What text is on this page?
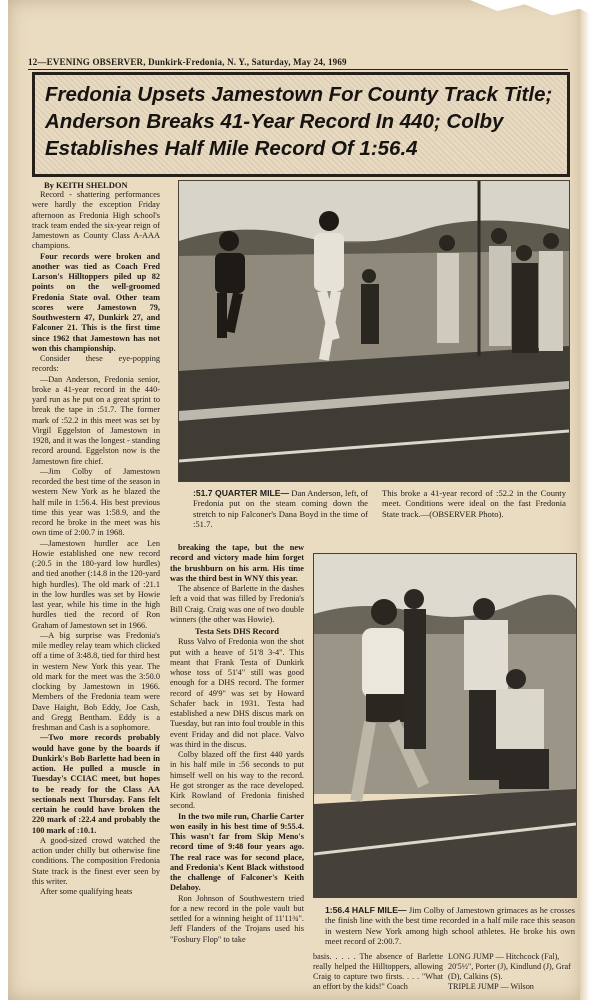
12—EVENING OBSERVER, Dunkirk-Fredonia, N. Y., Saturday, May 24, 1969
Fredonia Upsets Jamestown For County Track Title; Anderson Breaks 41-Year Record In 440; Colby Establishes Half Mile Record Of 1:56.4
By KEITH SHELDON

Record - shattering performances were hardly the exception Friday afternoon as Fredonia High school's track team ended the six-year reign of Jamestown as County Class A-AAA champions.

Four records were broken and another was tied as Coach Fred Larson's Hilltoppers piled up 82 points on the well-groomed Fredonia State oval. Other team scores were Jamestown 79, Southwestern 47, Dunkirk 27, and Falconer 21. This is the first time since 1962 that Jamestown has not won this championship.

Consider these eye-popping records:

—Dan Anderson, Fredonia senior, broke a 41-year record in the 440-yard run as he put on a great sprint to break the tape in :51.7. The former mark of :52.2 in this meet was set by Virgil Eggelston of Jamestown in 1928, and it was the longest - standing record around. Eggelston now is the Jamestown fire chief.

—Jim Colby of Jamestown recorded the best time of the season in western New York as he blazed the half mile in 1:56.4. His best previous time this year was 1:58.9, and the record he broke in the meet was his own time of 2:00.7 in 1968.

—Jamestown hurdler ace Len Howie established one new record (:20.5 in the 180-yard low hurdles) and tied another (:14.8 in the 120-yard high hurdles). The old mark of :21.1 in the low hurdles was set by Howie last year, while his time in the high hurdles tied the record of Ron Graham of Jamestown set in 1966.

—A big surprise was Fredonia's mile medley relay team which clicked off a time of 3:48.8, tied for third best in western New York this year. The old mark for the meet was the 3:50.0 clocking by Jamestown in 1966. Members of the Fredonia team were Dave Haight, Bob Eddy, Joe Cash, and Gregg Bentham. Eddy is a freshman and Cash is a sophomore.

—Two more records probably would have gone by the boards if Dunkirk's Bob Barlette had been in action. He pulled a muscle in Tuesday's CCIAC meet, but hopes to be ready for the Class AA sectionals next Thursday. Fans felt certain he could have broken the 220 mark of :22.4 and probably the 100 mark of :10.1.

A good-sized crowd watched the action under chilly but otherwise fine conditions. The composition Fredonia State track is the finest ever seen by this writer.

After some qualifying heats

:51.7 QUARTER MILE— Dan Anderson, left, of Fredonia put on the steam coming down the stretch to nip Falconer's Dana Boyd in the time of :51.7.
This broke a 41-year record of :52.2 in the County meet. Conditions were ideal on the fast Fredonia State track.—(OBSERVER Photo).

breaking the tape, but the new record and victory made him forget the brushburn on his arm. His time was the third best in WNY this year.

The absence of Barlette in the dashes left a void that was filled by Fredonia's Bill Craig. Craig was one of two double winners (the other was Howie).

Testa Sets DHS Record

Russ Valvo of Fredonia won the shot put with a heave of 51'8 3-4". This meant that Frank Testa of Dunkirk whose toss of 51'4" still was good enough for a DHS record. The former record of 49'9" was set by Howard Schafer back in 1931. Testa had established a new DHS discus mark on Tuesday, but ran into foul trouble in this event Friday and did not place. Valvo was third in the discus.

Colby blazed off the first 440 yards in his half mile in :56 seconds to put himself well on his way to the record. He got stronger as the race developed. Kirk Rowland of Fredonia finished second.

In the two mile run, Charlie Carter won easily in his best time of 9:55.4. This wasn't far from Skip Meno's record time of 9:48 four years ago. The real race was for second place, and Fredonia's Kent Black withstood the challenge of Falconer's Keith Delahoy.

Ron Johnson of Southwestern tried for a new record in the pole vault but settled for a winning height of 11'11¾". Jeff Flanders of the Trojans used his "Fosbury Flop" to take

1:56.4 HALF MILE— Jim Colby of Jamestown grimaces as he crosses the finish line with the best time recorded in a half mile race this season in western New York among high school athletes. He broke his own meet record of 2:00.7.
basis. . . . . The absence of Barlette really helped the Hilltoppers, allowing Craig to capture two firsts. . . . "What an effort by the kids!" Coach
LONG JUMP — Hitchcock (Fal), 20'5½", Porter (J), Kindlund (J), Graf (D), Calkins (S).
TRIPLE JUMP — Wilson
